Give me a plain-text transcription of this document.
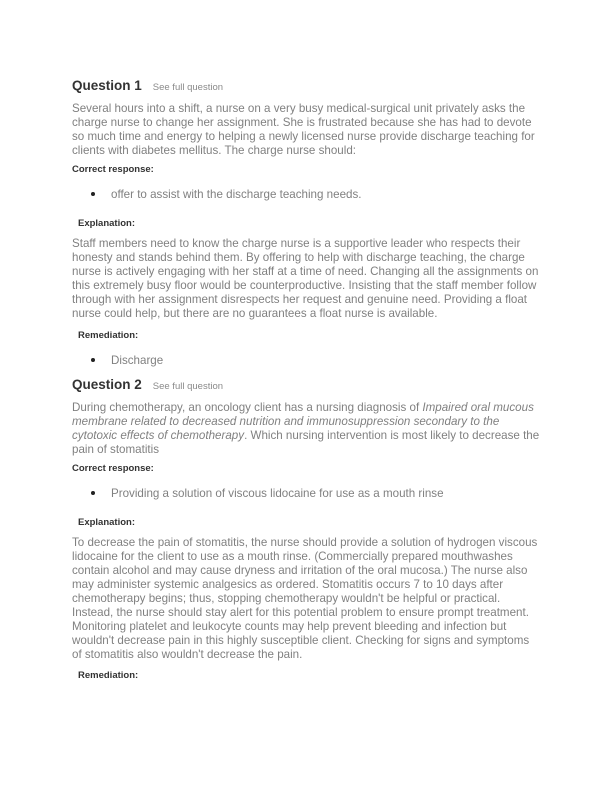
Question 1 See full question

Several hours into a shift, a nurse on a very busy medical-surgical unit privately asks the charge nurse to change her assignment. She is frustrated because she has had to devote so much time and energy to helping a newly licensed nurse provide discharge teaching for clients with diabetes mellitus. The charge nurse should:

Correct response:

offer to assist with the discharge teaching needs.

Explanation:

Staff members need to know the charge nurse is a supportive leader who respects their honesty and stands behind them. By offering to help with discharge teaching, the charge nurse is actively engaging with her staff at a time of need. Changing all the assignments on this extremely busy floor would be counterproductive. Insisting that the staff member follow through with her assignment disrespects her request and genuine need. Providing a float nurse could help, but there are no guarantees a float nurse is available.

Remediation:

Discharge
Question 2 See full question

During chemotherapy, an oncology client has a nursing diagnosis of Impaired oral mucous membrane related to decreased nutrition and immunosuppression secondary to the cytotoxic effects of chemotherapy. Which nursing intervention is most likely to decrease the pain of stomatitis

Correct response:

Providing a solution of viscous lidocaine for use as a mouth rinse

Explanation:

To decrease the pain of stomatitis, the nurse should provide a solution of hydrogen viscous lidocaine for the client to use as a mouth rinse. (Commercially prepared mouthwashes contain alcohol and may cause dryness and irritation of the oral mucosa.) The nurse also may administer systemic analgesics as ordered. Stomatitis occurs 7 to 10 days after chemotherapy begins; thus, stopping chemotherapy wouldn't be helpful or practical. Instead, the nurse should stay alert for this potential problem to ensure prompt treatment. Monitoring platelet and leukocyte counts may help prevent bleeding and infection but wouldn't decrease pain in this highly susceptible client. Checking for signs and symptoms of stomatitis also wouldn't decrease the pain.

Remediation:
